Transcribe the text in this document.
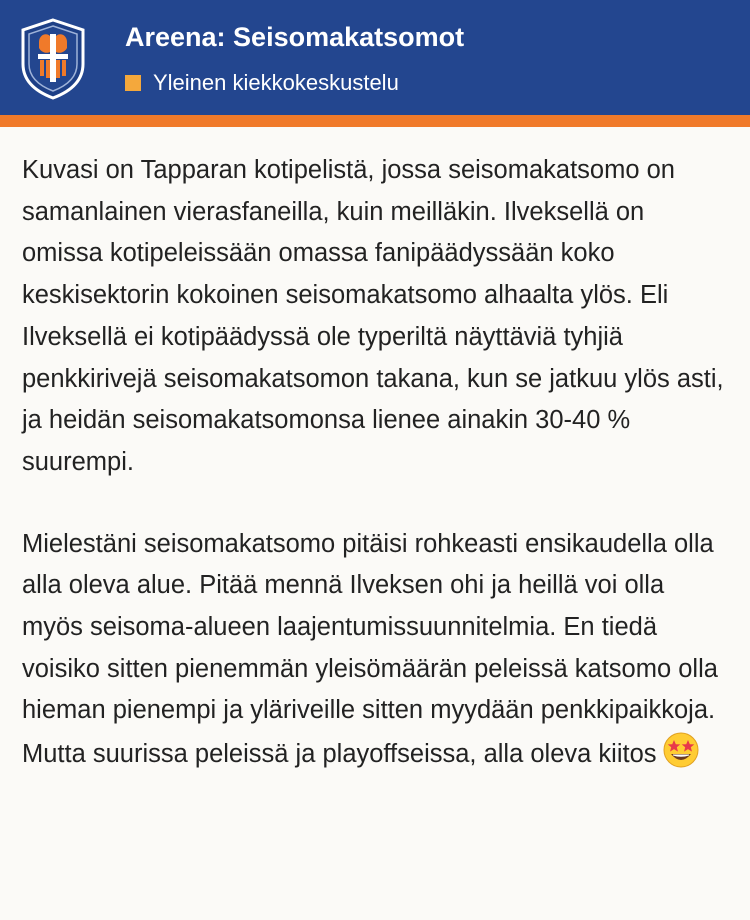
Areena: Seisomakatsomot
Yleinen kiekkokeskustelu

Kuvasi on Tapparan kotipelistä, jossa seisomakatsomo on samanlainen vierasfaneilla, kuin meilläkin. Ilveksellä on omissa kotipeleissään omassa fanipäädyssään koko keskisektorin kokoinen seisomakatsomo alhaalta ylös. Eli Ilveksellä ei kotipäädyssä ole typeriltä näyttäviä tyhjiä penkkirivejä seisomakatsomon takana, kun se jatkuu ylös asti, ja heidän seisomakatsomonsa lienee ainakin 30-40 % suurempi.

Mielestäni seisomakatsomo pitäisi rohkeasti ensikaudella olla alla oleva alue. Pitää mennä Ilveksen ohi ja heillä voi olla myös seisoma-alueen laajentumissuunnitelmia. En tiedä voisiko sitten pienemmän yleisömäärän peleissä katsomo olla hieman pienempi ja yläriveille sitten myydään penkkipaikkoja. Mutta suurissa peleissä ja playoffseissa, alla oleva kiitos
